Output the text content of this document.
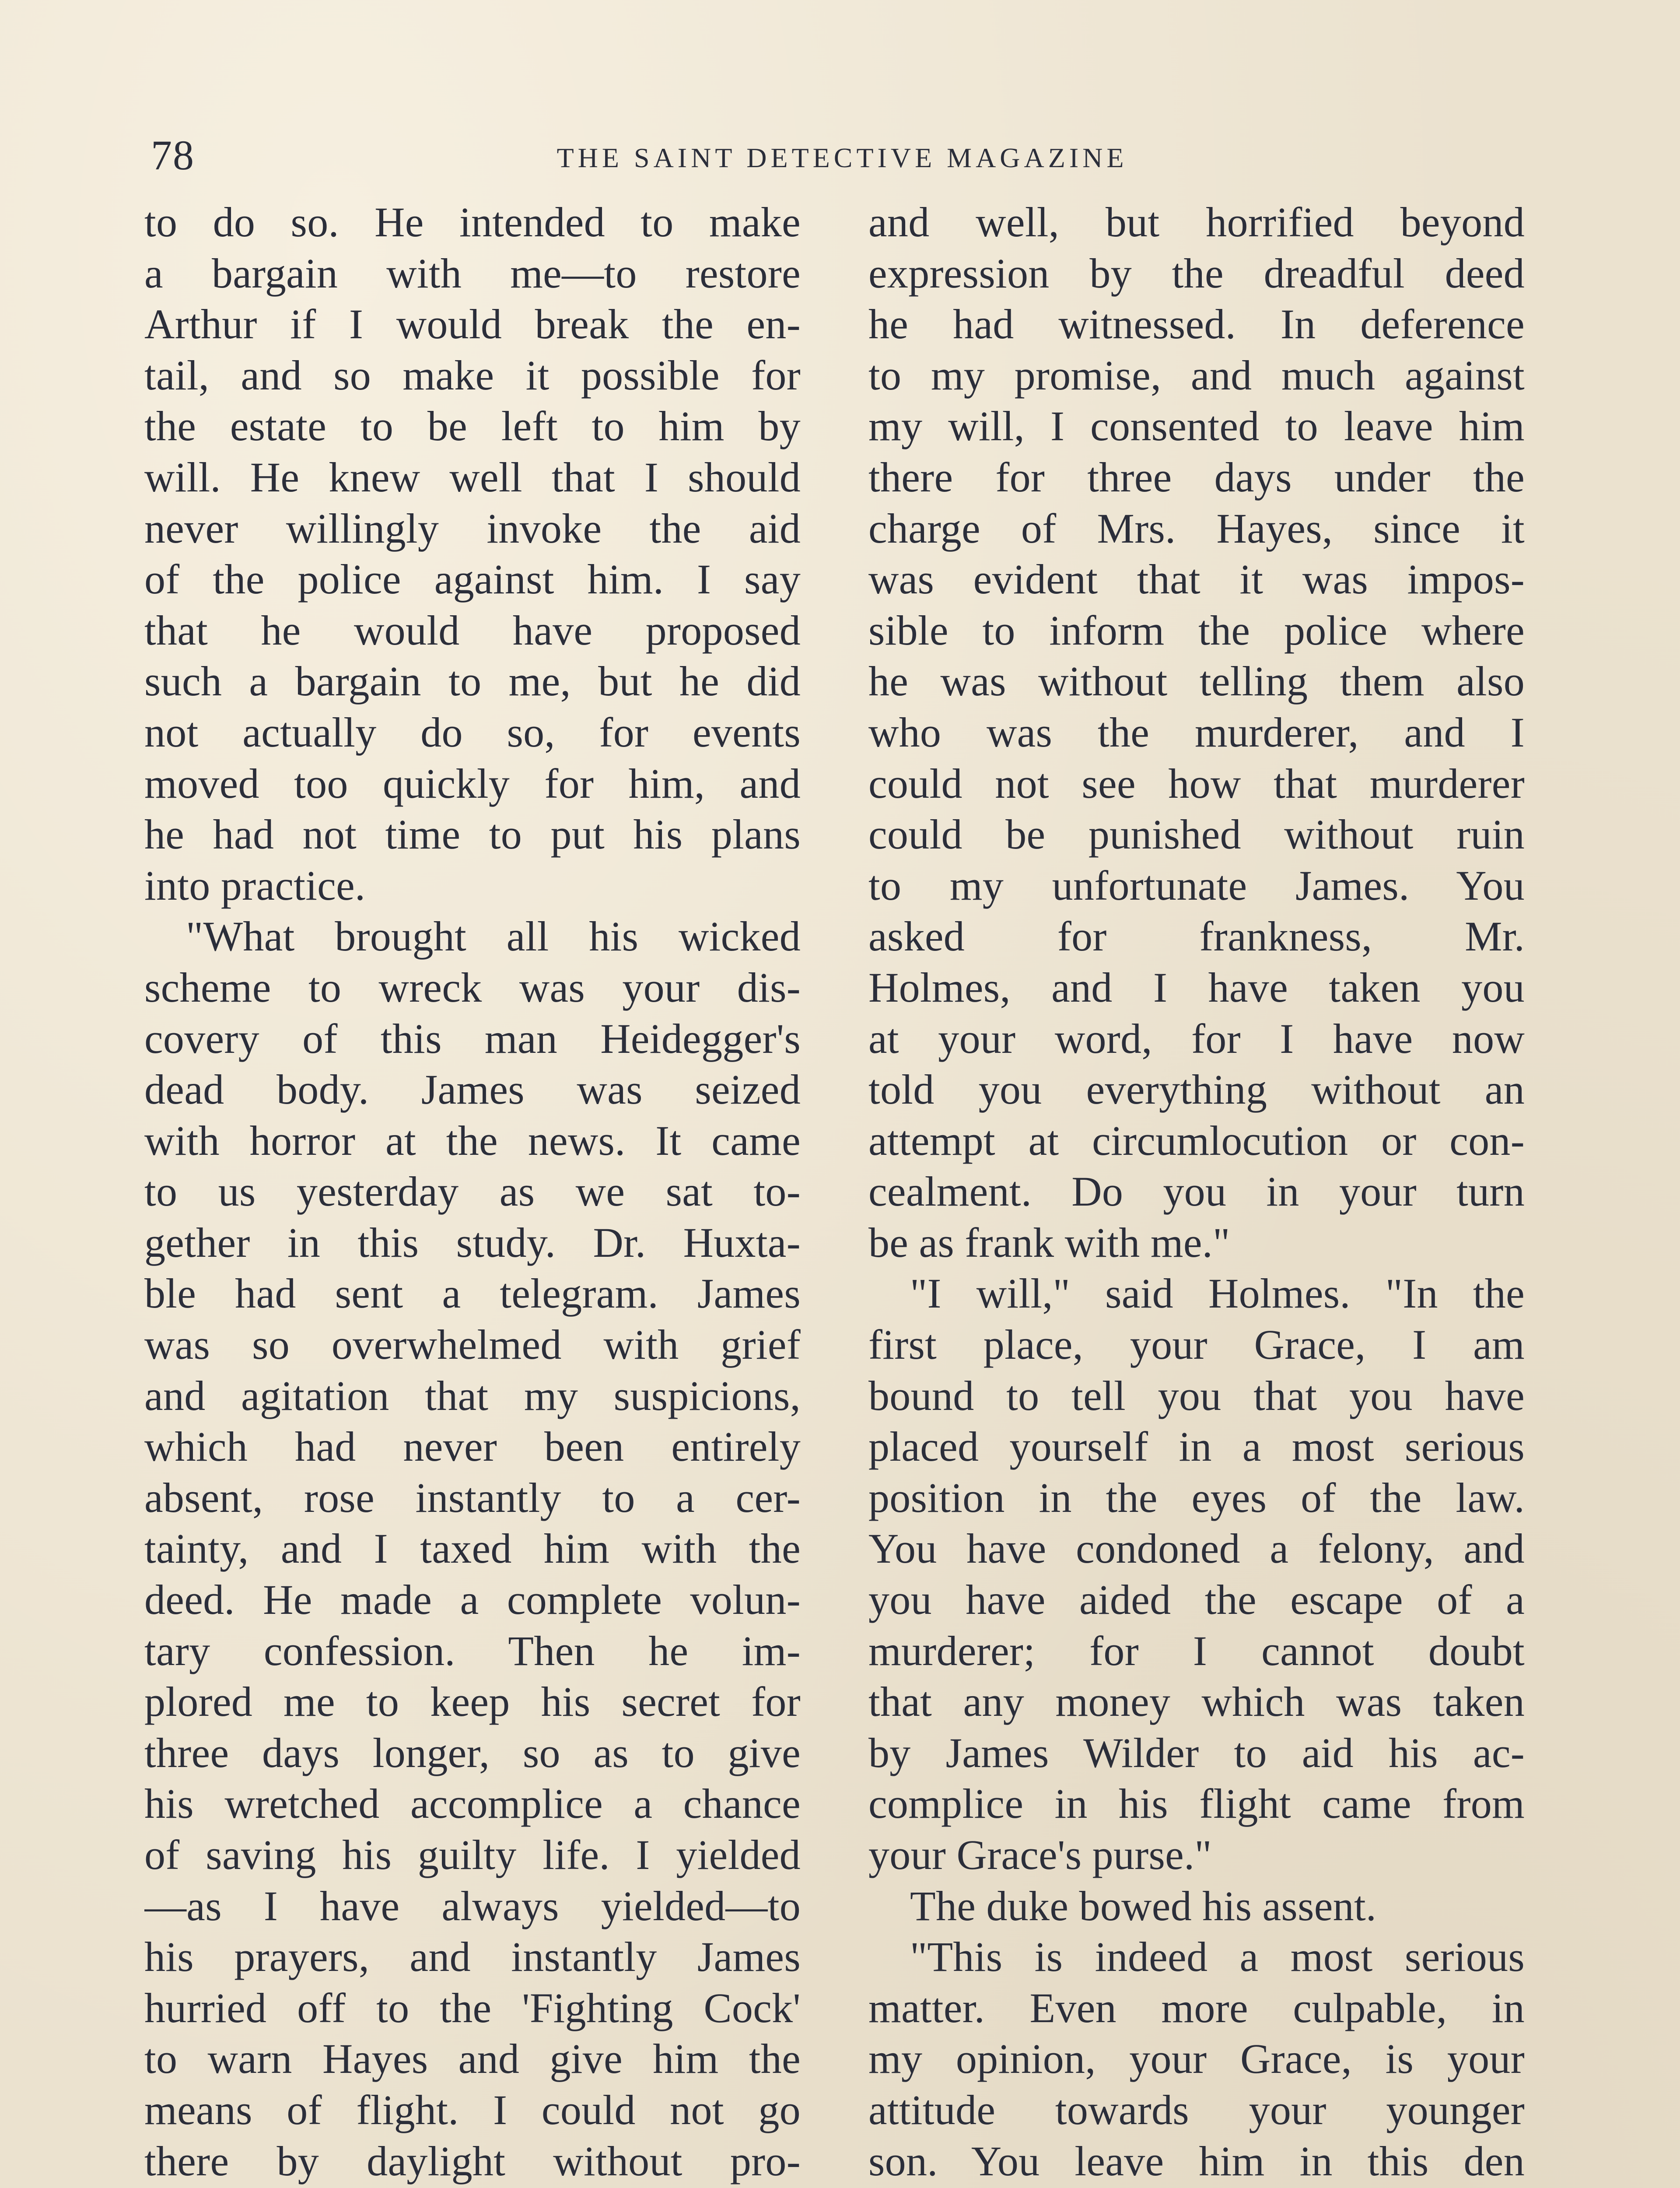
78	THE SAINT DETECTIVE MAGAZINE
to do so. He intended to make
a bargain with me—to restore
Arthur if I would break the en-
tail, and so make it possible for
the estate to be left to him by
will. He knew well that I should
never willingly invoke the aid
of the police against him. I say
that he would have proposed
such a bargain to me, but he did
not actually do so, for events
moved too quickly for him, and
he had not time to put his plans
into practice.
"What brought all his wicked
scheme to wreck was your dis-
covery of this man Heidegger's
dead body. James was seized
with horror at the news. It came
to us yesterday as we sat to-
gether in this study. Dr. Huxta-
ble had sent a telegram. James
was so overwhelmed with grief
and agitation that my suspicions,
which had never been entirely
absent, rose instantly to a cer-
tainty, and I taxed him with the
deed. He made a complete volun-
tary confession. Then he im-
plored me to keep his secret for
three days longer, so as to give
his wretched accomplice a chance
of saving his guilty life. I yielded
—as I have always yielded—to
his prayers, and instantly James
hurried off to the 'Fighting Cock'
to warn Hayes and give him the
means of flight. I could not go
there by daylight without pro-
and well, but horrified beyond
expression by the dreadful deed
he had witnessed. In deference
to my promise, and much against
my will, I consented to leave him
there for three days under the
charge of Mrs. Hayes, since it
was evident that it was impos-
sible to inform the police where
he was without telling them also
who was the murderer, and I
could not see how that murderer
could be punished without ruin
to my unfortunate James. You
asked for frankness, Mr.
Holmes, and I have taken you
at your word, for I have now
told you everything without an
attempt at circumlocution or con-
cealment. Do you in your turn
be as frank with me."
"I will," said Holmes. "In the
first place, your Grace, I am
bound to tell you that you have
placed yourself in a most serious
position in the eyes of the law.
You have condoned a felony, and
you have aided the escape of a
murderer; for I cannot doubt
that any money which was taken
by James Wilder to aid his ac-
complice in his flight came from
your Grace's purse."
The duke bowed his assent.
"This is indeed a most serious
matter. Even more culpable, in
my opinion, your Grace, is your
attitude towards your younger
son. You leave him in this den
